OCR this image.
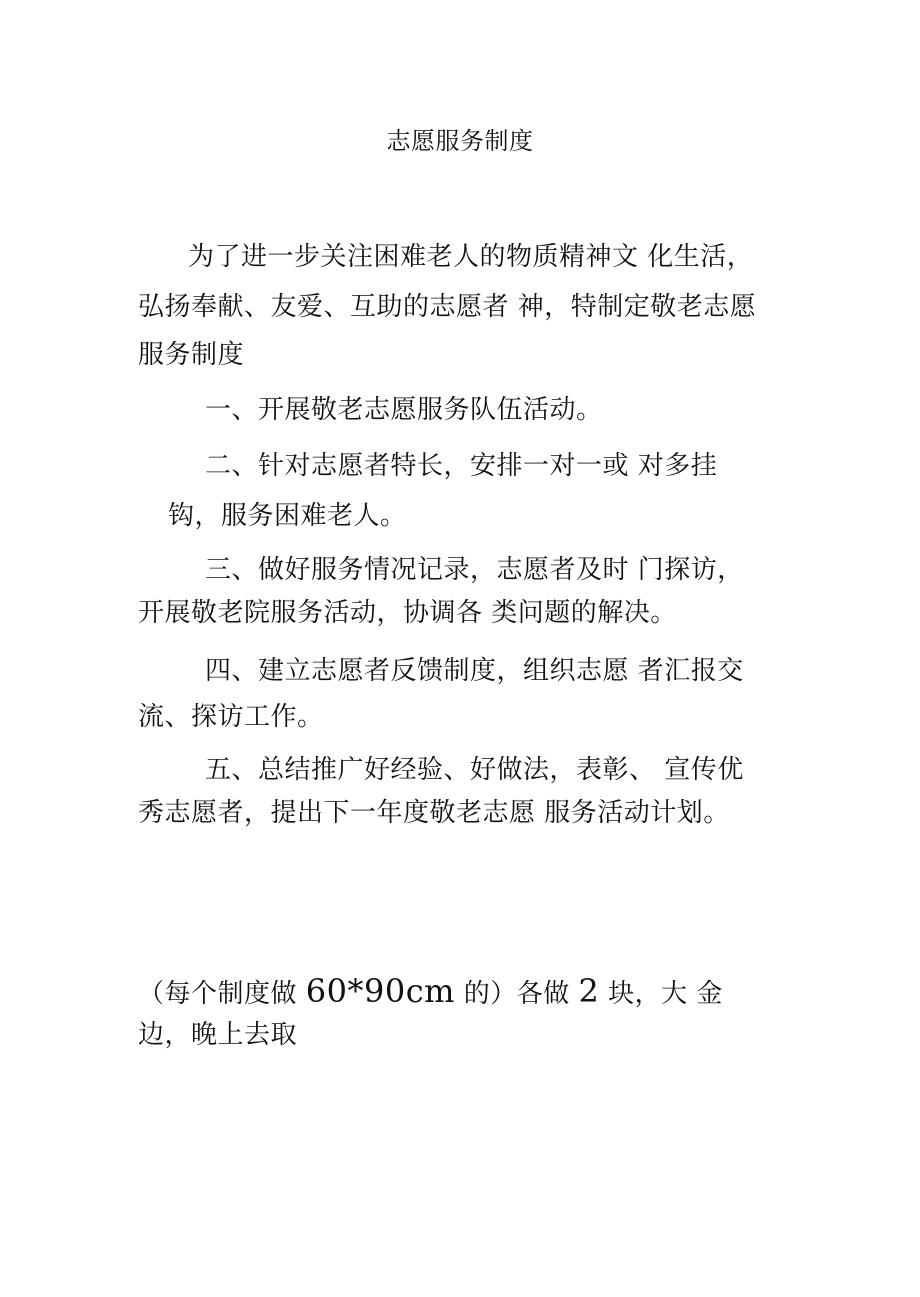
志愿服务制度
为了进一步关注困难老人的物质精神文 化生活，
弘扬奉献、友爱、互助的志愿者 神，特制定敬老志愿
服务制度
一、开展敬老志愿服务队伍活动。
二、针对志愿者特长，安排一对一或 对多挂
钩，服务困难老人。
三、做好服务情况记录，志愿者及时 门探访，
开展敬老院服务活动，协调各 类问题的解决。
四、建立志愿者反馈制度，组织志愿 者汇报交
流、探访工作。
五、总结推广好经验、好做法，表彰、 宣传优
秀志愿者，提出下一年度敬老志愿 服务活动计划。
（每个制度做 60*90cm 的）各做 2 块，大 金
边，晚上去取
